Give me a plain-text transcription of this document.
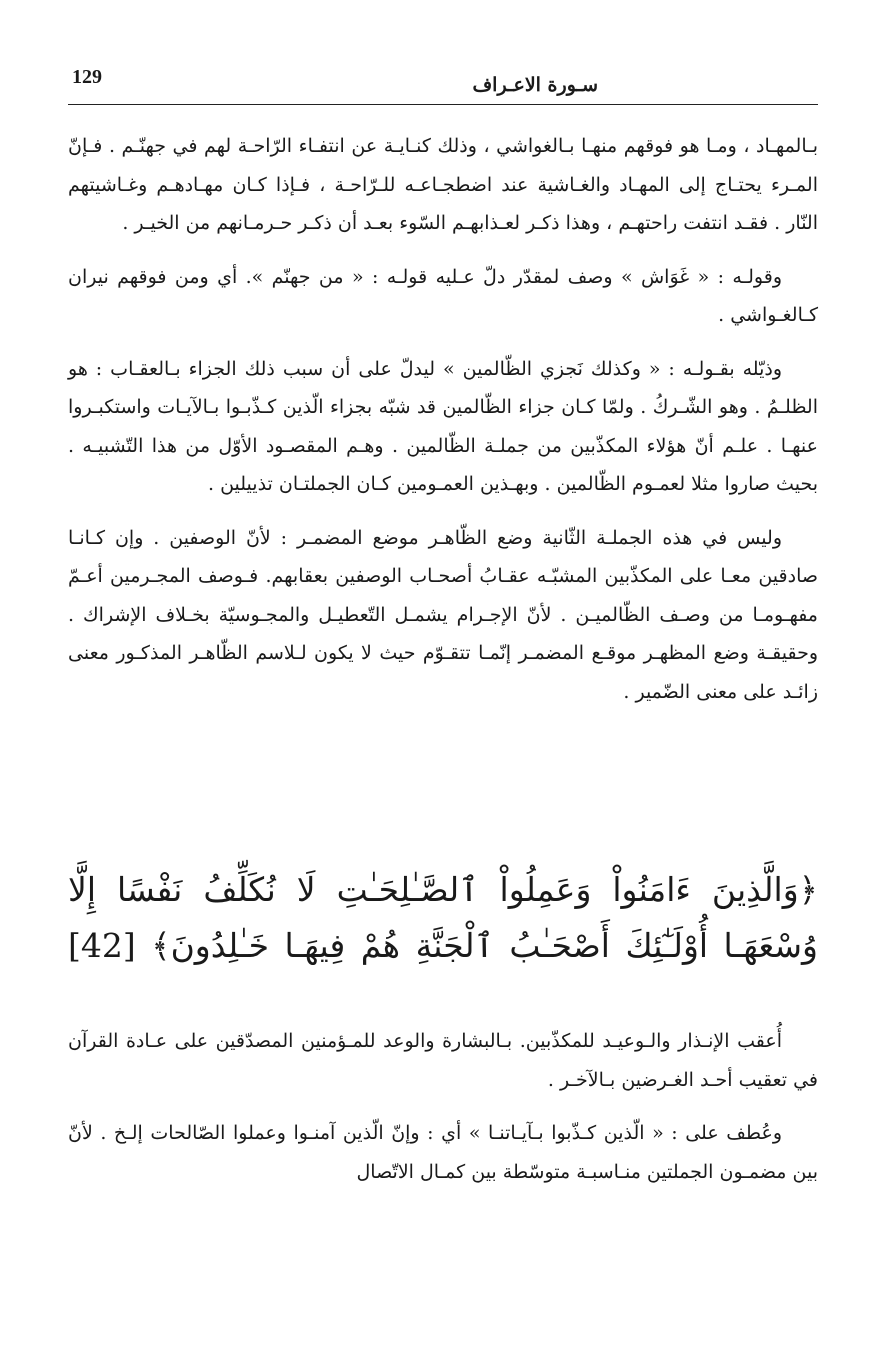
129	سـورة الاعـراف

بـالمهـاد ، ومـا هو فوقهم منهـا بـالغواشي ، وذلك كنـايـة عن انتفـاء الرّاحـة لهم في جهنّـم . فـإنّ المـرء يحتـاج إلى المهـاد والغـاشية عند اضطجـاعـه للـرّاحـة ، فـإذا كـان مهـادهـم وغـاشيتهم النّار . فقـد انتفت راحتهـم ، وهذا ذكـر لعـذابهـم السّوء بعـد أن ذكـر حـرمـانهم من الخيـر .

وقولـه : « غَوَاش » وصف لمقدّر دلّ عـليه قولـه : « من جهنّم ». أي ومن فوقهم نيران كـالغـواشي .

وذيّله بقـولـه : « وكذلك نَجزي الظّالمين » ليدلّ على أن سبب ذلك الجزاء بـالعقـاب : هو الظلـمُ . وهو الشّـركُ . ولمّا كـان جزاء الظّالمين قد شبّه بجزاء الّذين كـذّبـوا بـالآيـات واستكبـروا عنهـا . علـم أنّ هؤلاء المكذّبين من جملـة الظّالمين . وهـم المقصـود الأوّل من هذا التّشبيـه . بحيث صاروا مثلا لعمـوم الظّالمين . وبهـذين العمـومين كـان الجملتـان تذييلين .

وليس في هذه الجملـة الثّانية وضع الظّاهـر موضع المضمـر : لأنّ الوصفين . وإن كـانـا صادقين معـا على المكذّبين المشبّـه عقـابُ أصحـاب الوصفين بعقابهم. فـوصف المجـرمين أعـمّ مفهـومـا من وصـف الظّالميـن . لأنّ الإجـرام يشمـل التّعطيـل والمجـوسيّة بخـلاف الإشراك . وحقيقـة وضع المظهـر موقـع المضمـر إنّمـا تتقـوّم حيث لا يكون لـلاسم الظّاهـر المذكـور معنى زائـد على معنى الضّمير .

﴿وَالَّذِينَ ءَامَنُواْ وَعَمِلُواْ ٱلصَّـٰلِحَـٰتِ لَا نُكَلِّفُ نَفْسًا إِلَّا وُسْعَهَـا أُوْلَـٰٓئِكَ أَصْحَـٰبُ ٱلْجَنَّةِ هُمْ فِيهَـا خَـٰلِدُونَ﴾ [42]

أُعقب الإنـذار والـوعيـد للمكذّبين. بـالبشارة والوعد للمـؤمنين المصدّقين على عـادة القرآن في تعقيب أحـد الغـرضين بـالآخـر .

وعُطف على : « الّذين كـذّبوا بـآيـاتنـا » أي : وإنّ الّذين آمنـوا وعملوا الصّالحات إلـخ . لأنّ بين مضمـون الجملتين منـاسبـة متوسّطة بين كمـال الاتّصال
